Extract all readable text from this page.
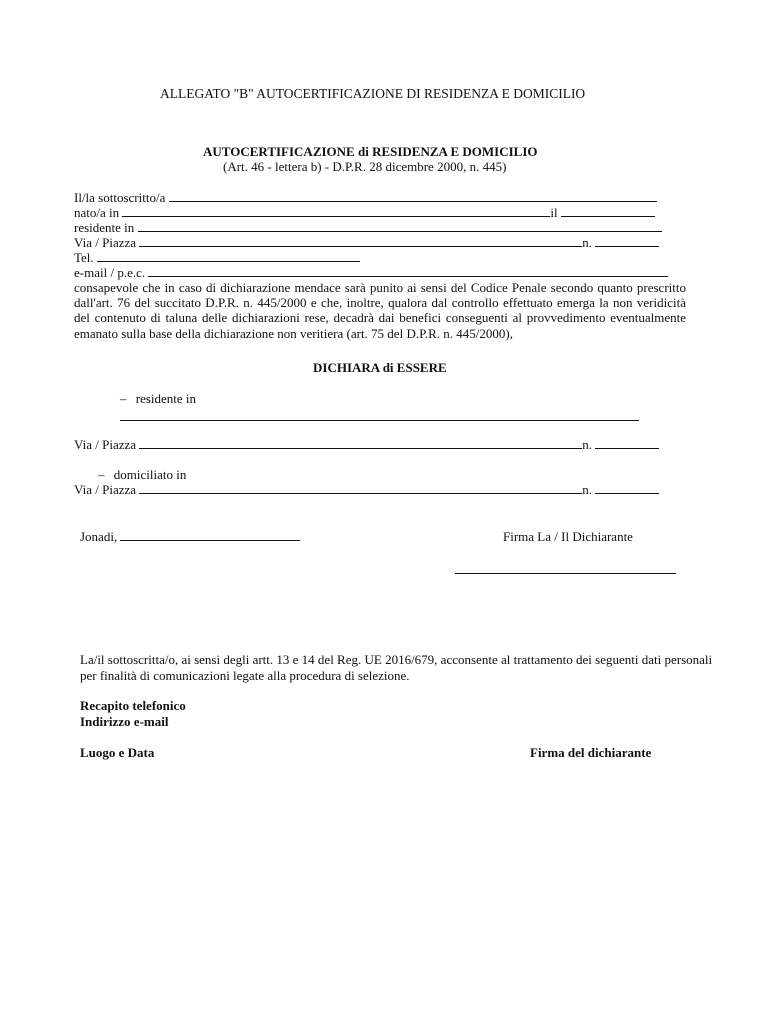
ALLEGATO "B" AUTOCERTIFICAZIONE DI RESIDENZA E DOMICILIO
AUTOCERTIFICAZIONE di RESIDENZA E DOMICILIO
(Art. 46 - lettera b) - D.P.R. 28 dicembre 2000, n. 445)
Il/la sottoscritto/a
nato/a in	il
residente in
Via / Piazza	n.
Tel.
e-mail / p.e.c.
consapevole che in caso di dichiarazione mendace sarà punito ai sensi del Codice Penale secondo quanto prescritto dall'art. 76 del succitato D.P.R. n. 445/2000 e che, inoltre, qualora dal controllo effettuato emerga la non veridicità del contenuto di taluna delle dichiarazioni rese, decadrà dai benefici conseguenti al provvedimento eventualmente emanato sulla base della dichiarazione non veritiera (art. 75 del D.P.R. n. 445/2000),
DICHIARA di ESSERE
– residente in
Via / Piazza	n.
– domiciliato in
Via / Piazza	n.
Jonadi,	Firma La / Il Dichiarante
La/il sottoscritta/o, ai sensi degli artt. 13 e 14 del Reg. UE 2016/679, acconsente al trattamento dei seguenti dati personali per finalità di comunicazioni legate alla procedura di selezione.
Recapito telefonico
Indirizzo e-mail
Luogo e Data	Firma del dichiarante
